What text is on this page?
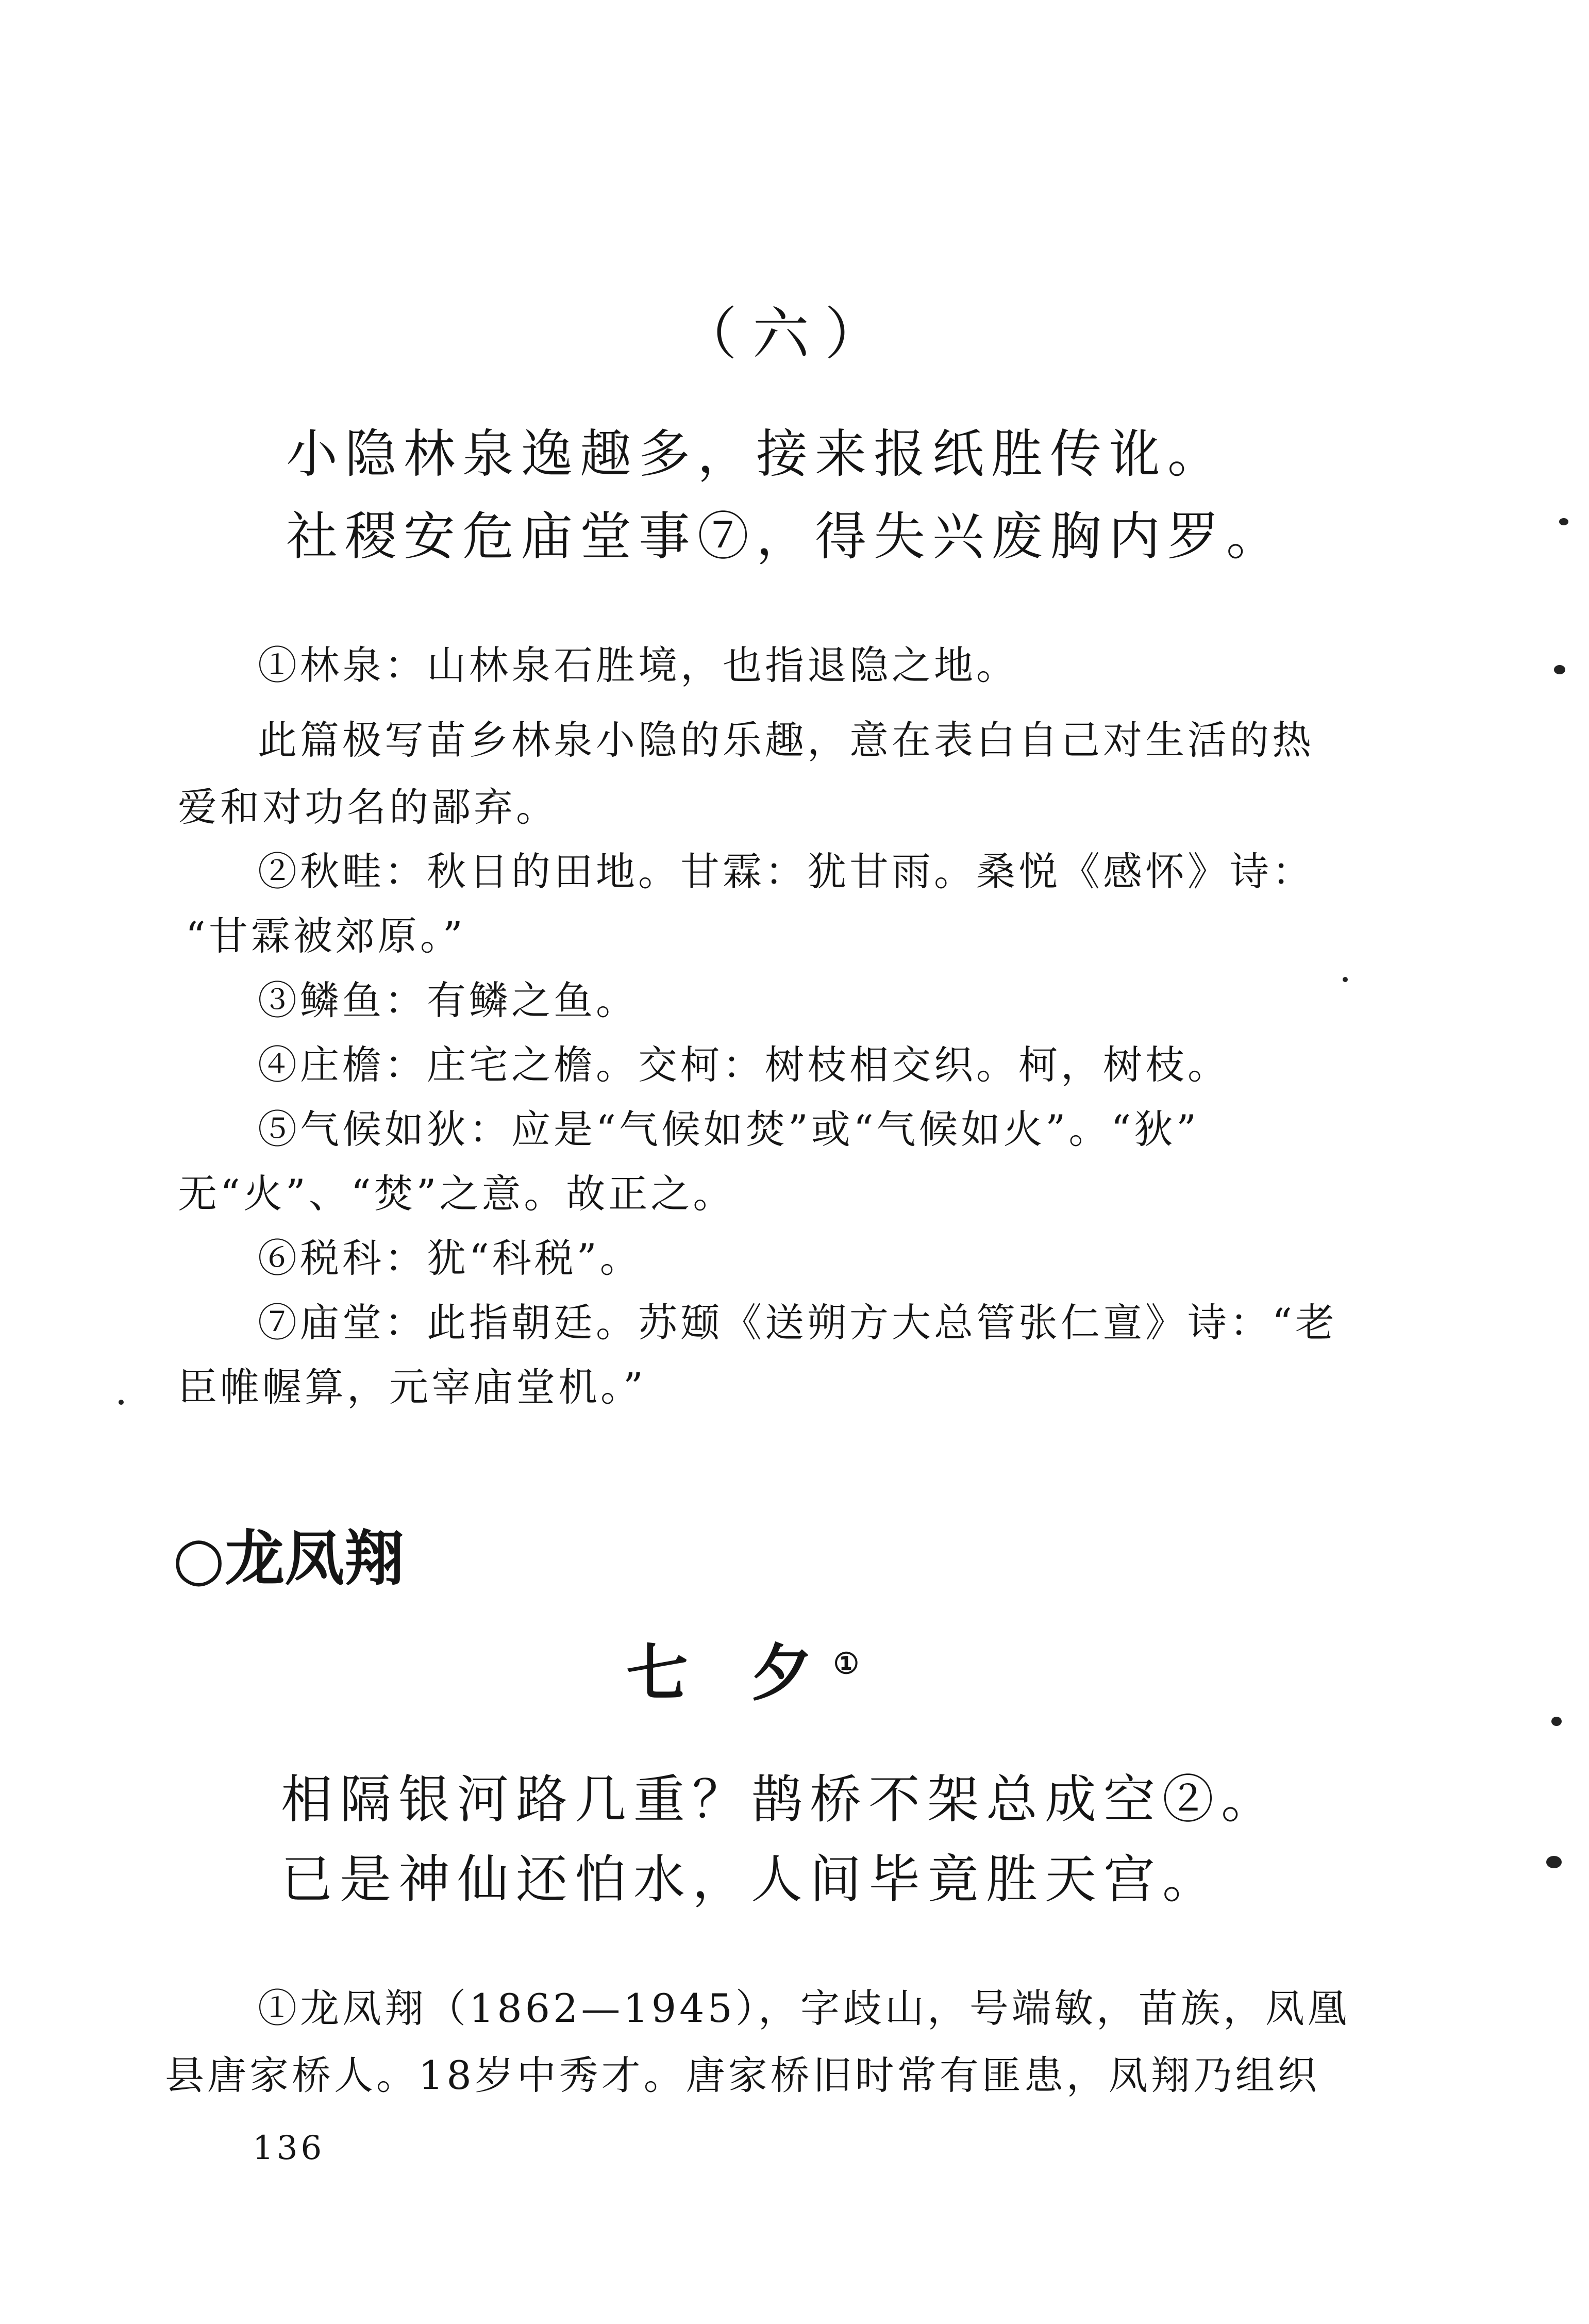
（六）
小隐林泉逸趣多，接来报纸胜传讹。
社稷安危庙堂事⑦，得失兴废胸内罗。
①林泉：山林泉石胜境，也指退隐之地。
此篇极写苗乡林泉小隐的乐趣，意在表白自己对生活的热
爱和对功名的鄙弃。
②秋畦：秋日的田地。甘霖：犹甘雨。桑悦《感怀》诗：
“甘霖被郊原。”
③鳞鱼：有鳞之鱼。
④庄檐：庄宅之檐。交柯：树枝相交织。柯，树枝。
⑤气候如狄：应是“气候如焚”或“气候如火”。“狄”
无“火”、“焚”之意。故正之。
⑥税科：犹“科税”。
⑦庙堂：此指朝廷。苏颋《送朔方大总管张仁亶》诗：“老
臣帷幄算，元宰庙堂机。”
○龙凤翔
七 夕①
相隔银河路几重？鹊桥不架总成空②。
已是神仙还怕水，人间毕竟胜天宫。
①龙凤翔（1862—1945），字歧山，号端敏，苗族，凤凰
县唐家桥人。18岁中秀才。唐家桥旧时常有匪患，凤翔乃组织
136
